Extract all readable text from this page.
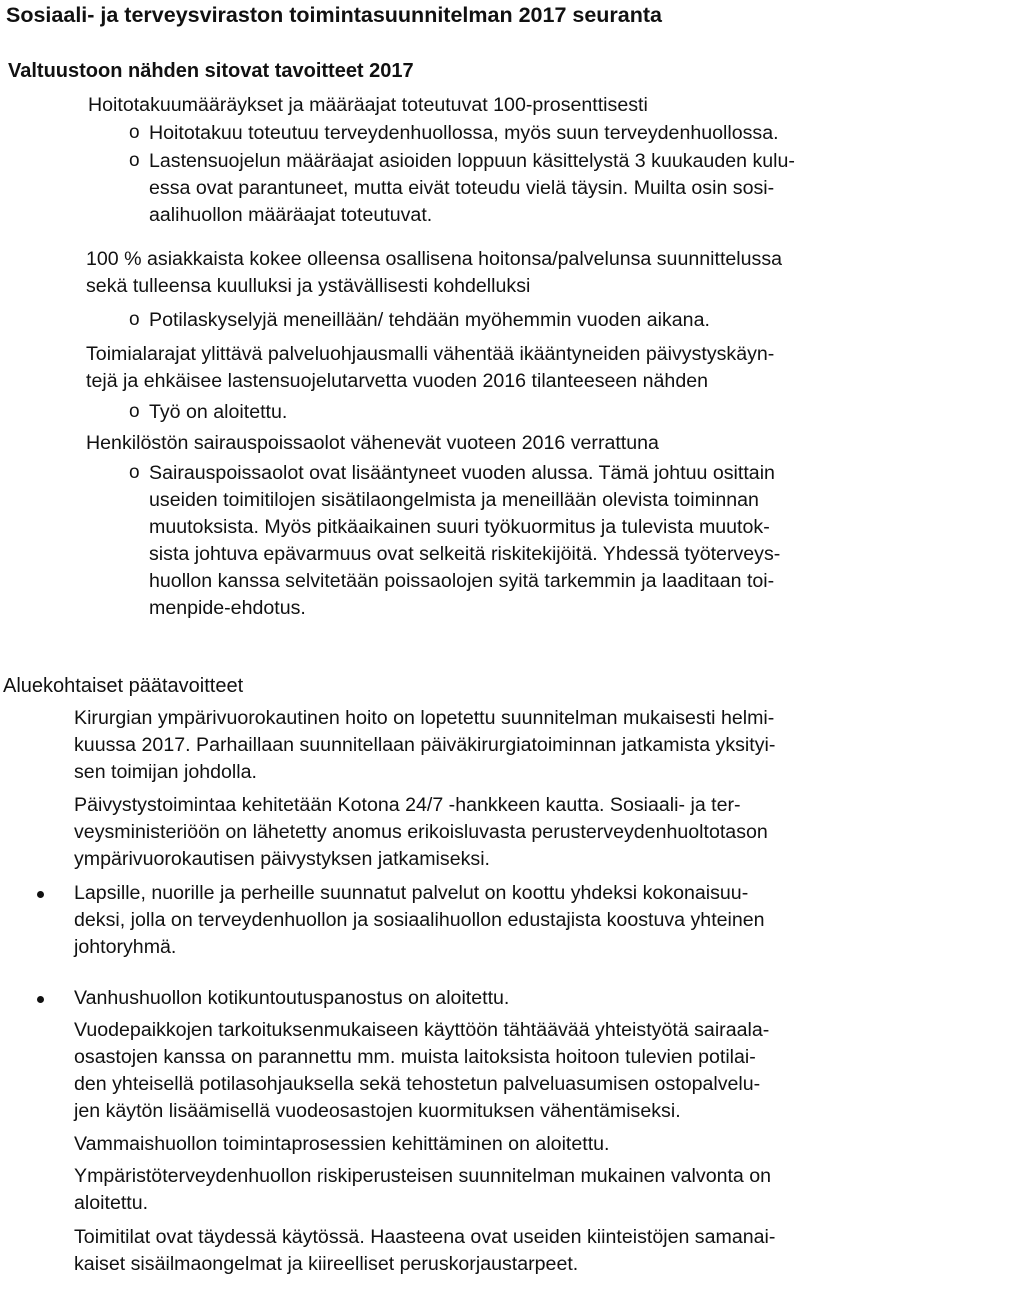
Sosiaali- ja terveysviraston toimintasuunnitelman 2017 seuranta
Valtuustoon nähden sitovat tavoitteet 2017
Hoitotakuumääräykset ja määräajat toteutuvat 100-prosenttisesti
o Hoitotakuu toteutuu terveydenhuollossa, myös suun terveydenhuollossa.
o Lastensuojelun määräajat asioiden loppuun käsittelystä 3 kuukauden kulu-
essa ovat parantuneet, mutta eivät toteudu vielä täysin. Muilta osin sosi-
aalihuollon määräajat toteutuvat.
100 % asiakkaista kokee olleensa osallisena hoitonsa/palvelunsa suunnittelussa
sekä tulleensa kuulluksi ja ystävällisesti kohdelluksi
o Potilaskyselyjä meneillään/ tehdään myöhemmin vuoden aikana.
Toimialarajat ylittävä palveluohjausmalli vähentää ikääntyneiden päivystyskäyn-
tejä ja ehkäisee lastensuojelutarvetta vuoden 2016 tilanteeseen nähden
o Työ on aloitettu.
Henkilöstön sairauspoissaolot vähenevät vuoteen 2016 verrattuna
o Sairauspoissaolot ovat lisääntyneet vuoden alussa. Tämä johtuu osittain
useiden toimitilojen sisätilaongelmista ja meneillään olevista toiminnan
muutoksista. Myös pitkäaikainen suuri työkuormitus ja tulevista muutok-
sista johtuva epävarmuus ovat selkeitä riskitekijöitä. Yhdessä työterveys-
huollon kanssa selvitetään poissaolojen syitä tarkemmin ja laaditaan toi-
menpide-ehdotus.
Aluekohtaiset päätavoitteet
Kirurgian ympärivuorokautinen hoito on lopetettu suunnitelman mukaisesti helmi-
kuussa 2017. Parhaillaan suunnitellaan päiväkirurgiatoiminnan jatkamista yksityi-
sen toimijan johdolla.
Päivystystoimintaa kehitetään Kotona 24/7 -hankkeen kautta. Sosiaali- ja ter-
veysministeriöön on lähetetty anomus erikoisluvasta perusterveydenhuoltotason
ympärivuorokautisen päivystyksen jatkamiseksi.
Lapsille, nuorille ja perheille suunnatut palvelut on koottu yhdeksi kokonaisuu-
deksi, jolla on terveydenhuollon ja sosiaalihuollon edustajista koostuva yhteinen
johtoryhmä.
Vanhushuollon kotikuntoutuspanostus on aloitettu.
Vuodepaikkojen tarkoituksenmukaiseen käyttöön tähtäävää yhteistyötä sairaala-
osastojen kanssa on parannettu mm. muista laitoksista hoitoon tulevien potilai-
den yhteisellä potilasohjauksella sekä tehostetun palveluasumisen ostopalvelu-
jen käytön lisäämisellä vuodeosastojen kuormituksen vähentämiseksi.
Vammaishuollon toimintaprosessien kehittäminen on aloitettu.
Ympäristöterveydenhuollon riskiperusteisen suunnitelman mukainen valvonta on
aloitettu.
Toimitilat ovat täydessä käytössä. Haasteena ovat useiden kiinteistöjen samanai-
kaiset sisäilmaongelmat ja kiireelliset peruskorjaustarpeet.
